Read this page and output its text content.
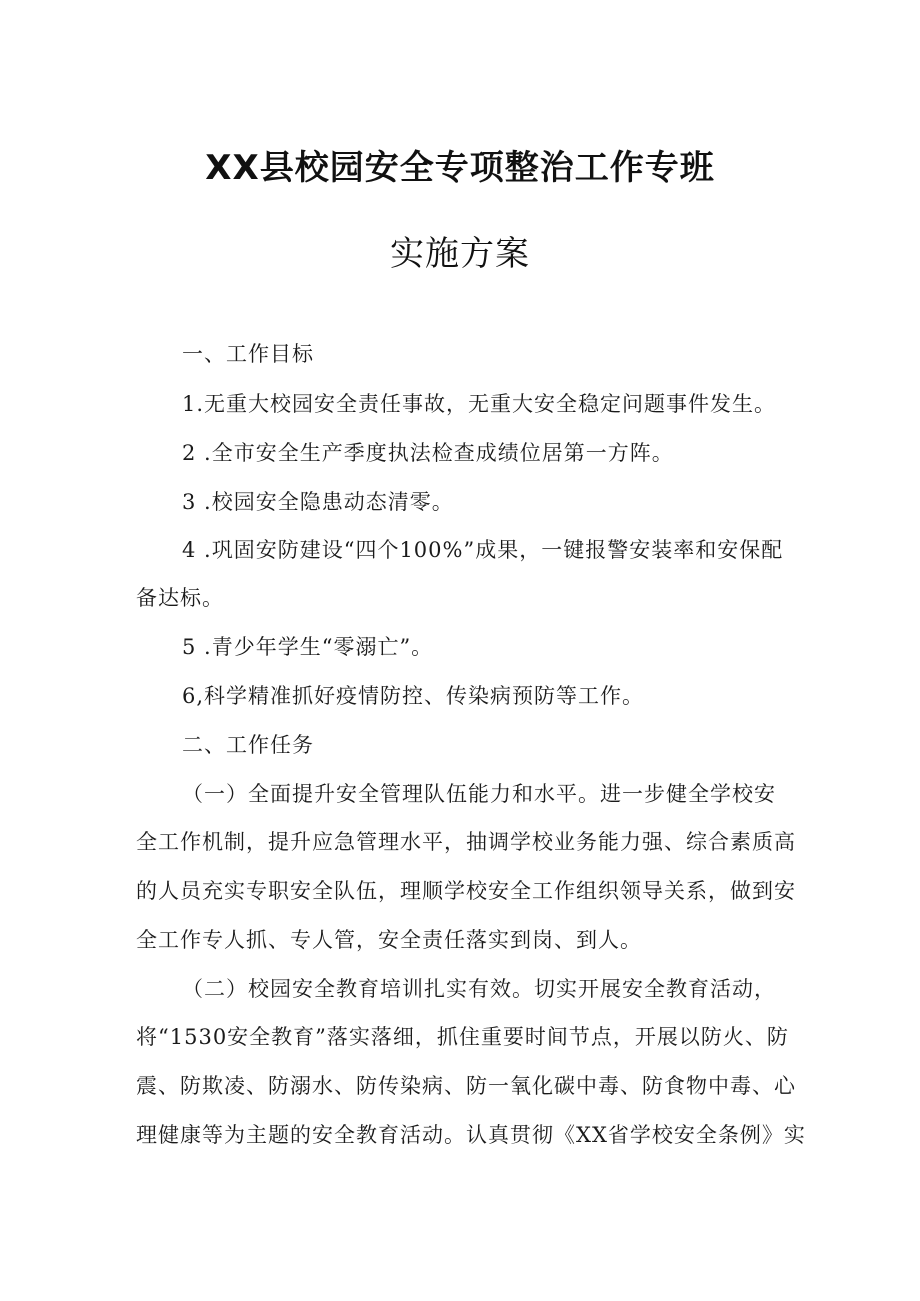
XX县校园安全专项整治工作专班
实施方案

一、工作目标

1.无重大校园安全责任事故，无重大安全稳定问题事件发生。

2 .全市安全生产季度执法检查成绩位居第一方阵。

3 .校园安全隐患动态清零。

4 .巩固安防建设“四个100%”成果，一键报警安装率和安保配

备达标。

5 .青少年学生“零溺亡”。

6,科学精准抓好疫情防控、传染病预防等工作。

二、工作任务

（一）全面提升安全管理队伍能力和水平。进一步健全学校安

全工作机制，提升应急管理水平，抽调学校业务能力强、综合素质高

的人员充实专职安全队伍，理顺学校安全工作组织领导关系，做到安

全工作专人抓、专人管，安全责任落实到岗、到人。

（二）校园安全教育培训扎实有效。切实开展安全教育活动，

将“1530安全教育”落实落细，抓住重要时间节点，开展以防火、防

震、防欺凌、防溺水、防传染病、防一氧化碳中毒、防食物中毒、心

理健康等为主题的安全教育活动。认真贯彻《XX省学校安全条例》实
